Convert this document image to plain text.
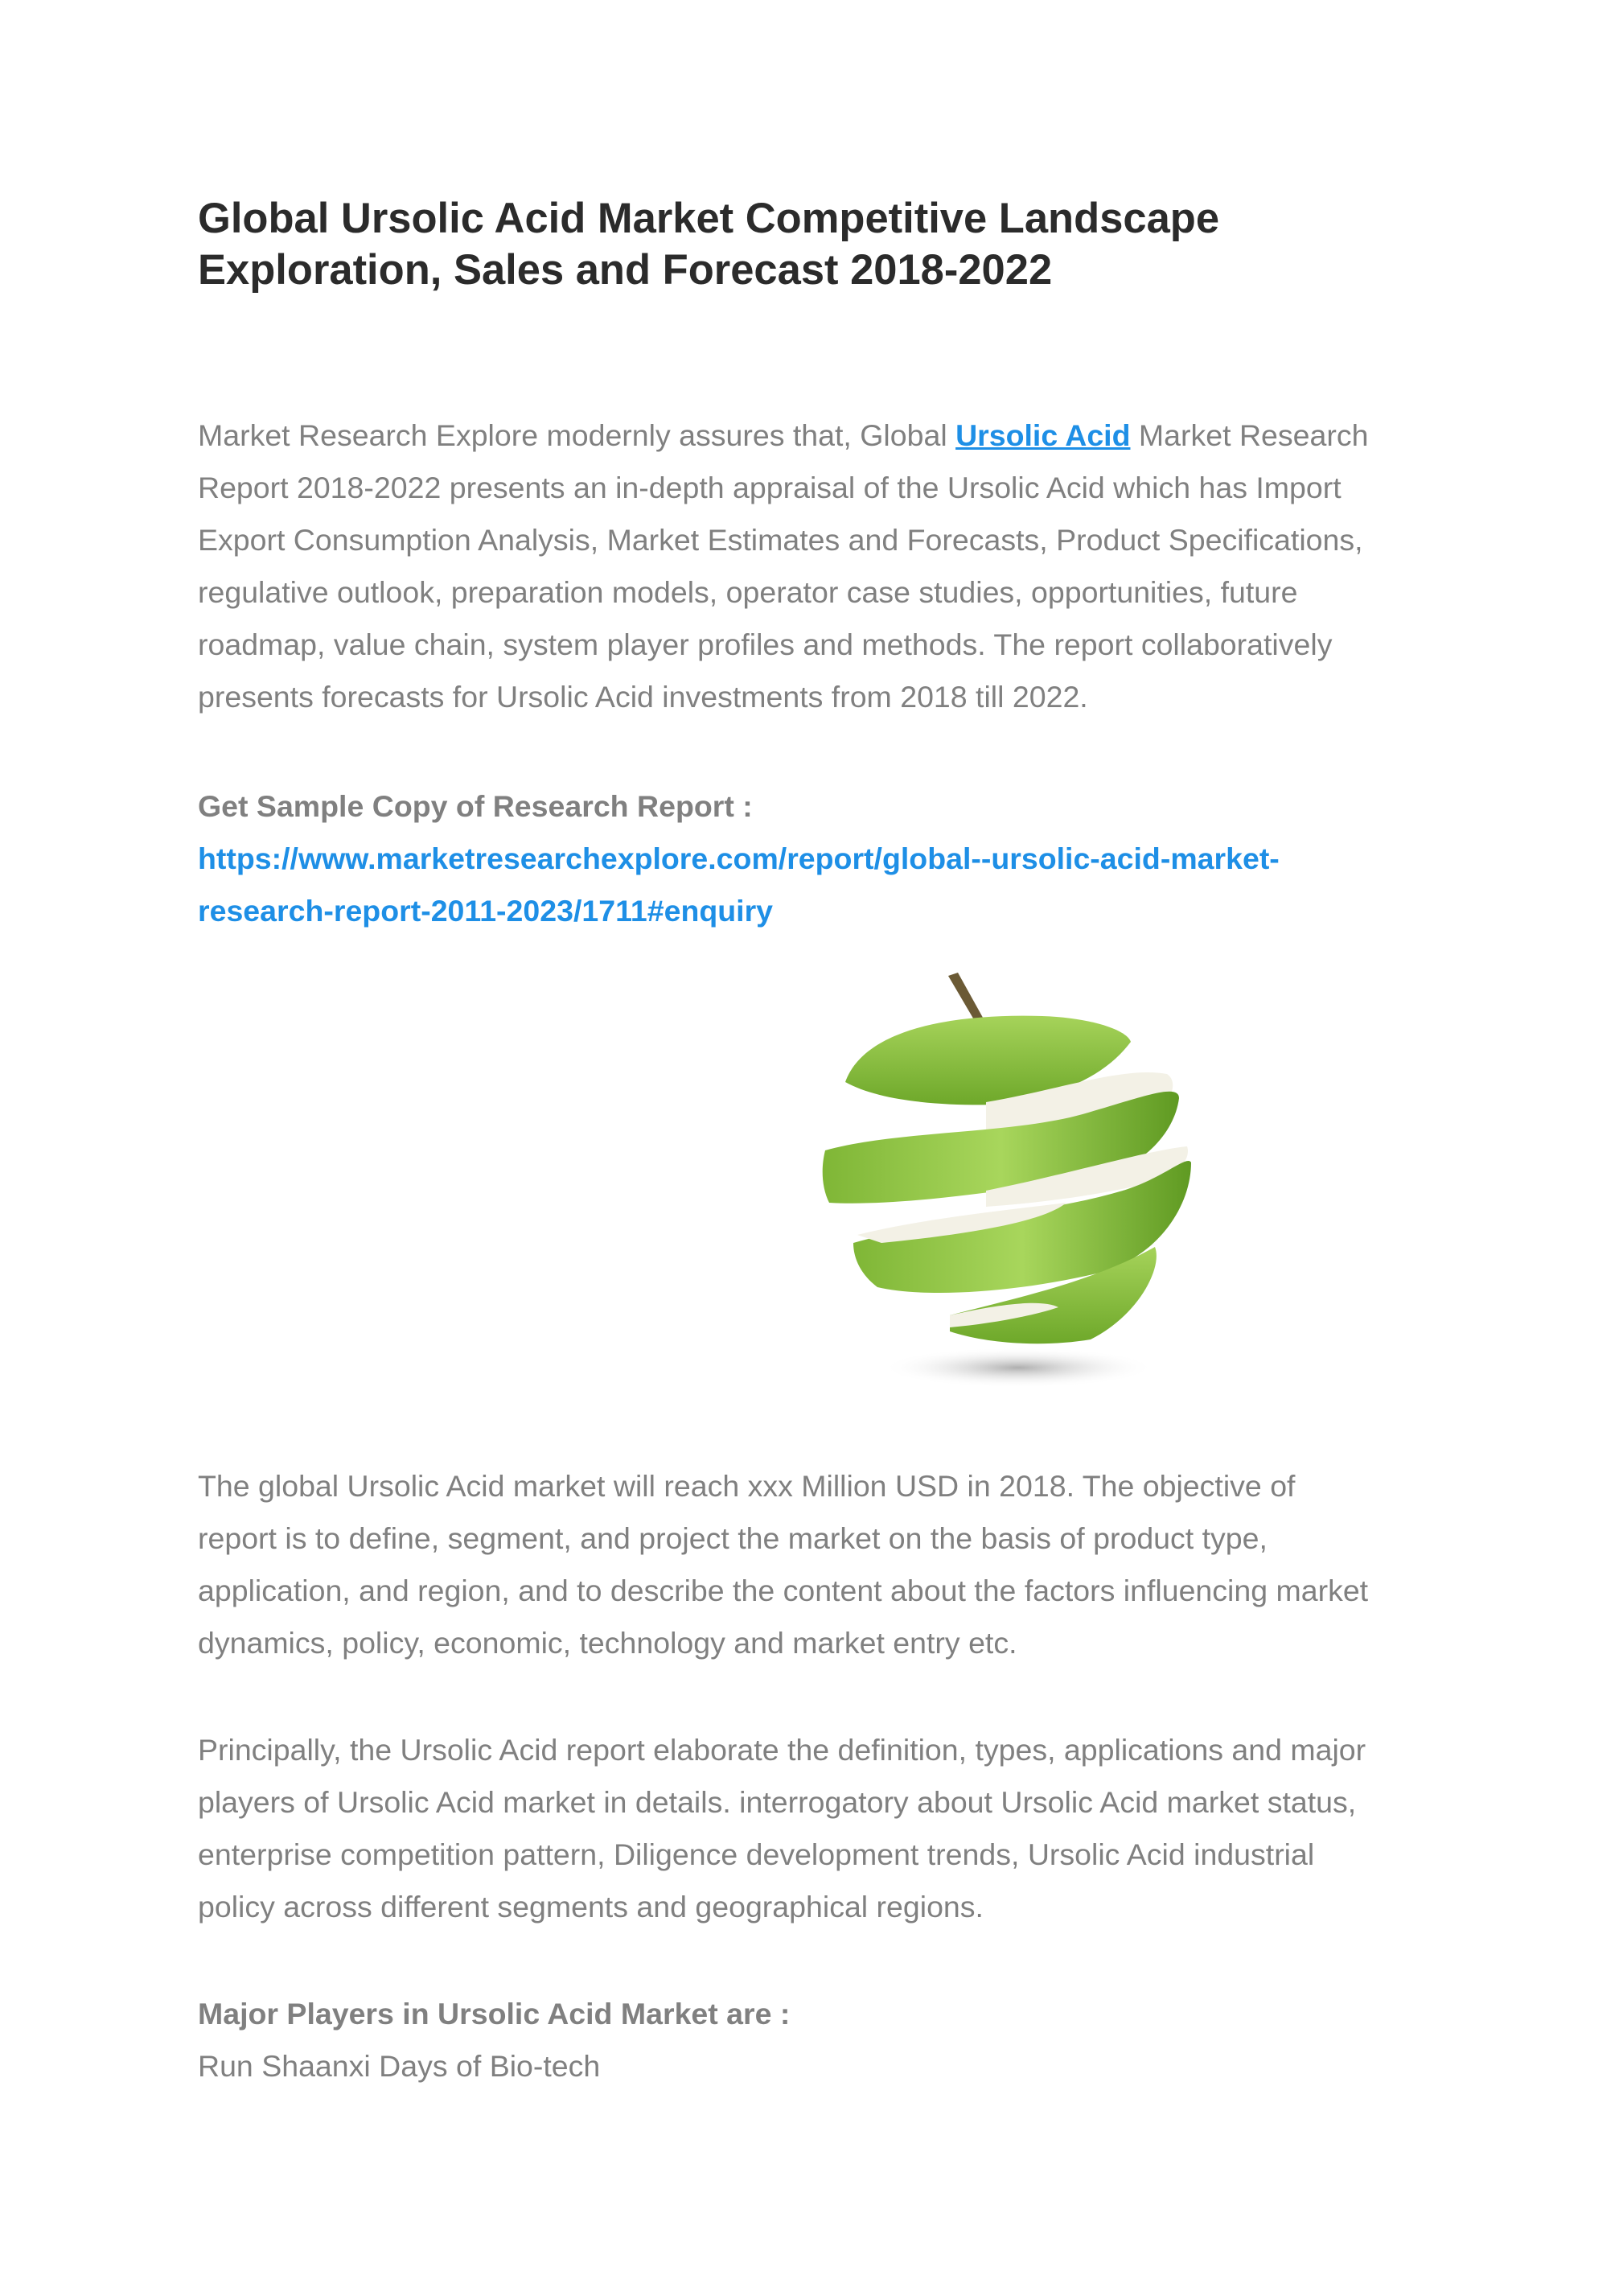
Global Ursolic Acid Market Competitive Landscape
Exploration, Sales and Forecast 2018-2022
Market Research Explore modernly assures that, Global Ursolic Acid Market Research
Report 2018-2022 presents an in-depth appraisal of the Ursolic Acid which has Import
Export Consumption Analysis, Market Estimates and Forecasts, Product Specifications,
regulative outlook, preparation models, operator case studies, opportunities, future
roadmap, value chain, system player profiles and methods. The report collaboratively
presents forecasts for Ursolic Acid investments from 2018 till 2022.
Get Sample Copy of Research Report :
https://www.marketresearchexplore.com/report/global--ursolic-acid-market-
research-report-2011-2023/1711#enquiry
The global Ursolic Acid market will reach xxx Million USD in 2018. The objective of
report is to define, segment, and project the market on the basis of product type,
application, and region, and to describe the content about the factors influencing market
dynamics, policy, economic, technology and market entry etc.
Principally, the Ursolic Acid report elaborate the definition, types, applications and major
players of Ursolic Acid market in details. interrogatory about Ursolic Acid market status,
enterprise competition pattern, Diligence development trends, Ursolic Acid industrial
policy across different segments and geographical regions.
Major Players in Ursolic Acid Market are :
Run Shaanxi Days of Bio-tech
